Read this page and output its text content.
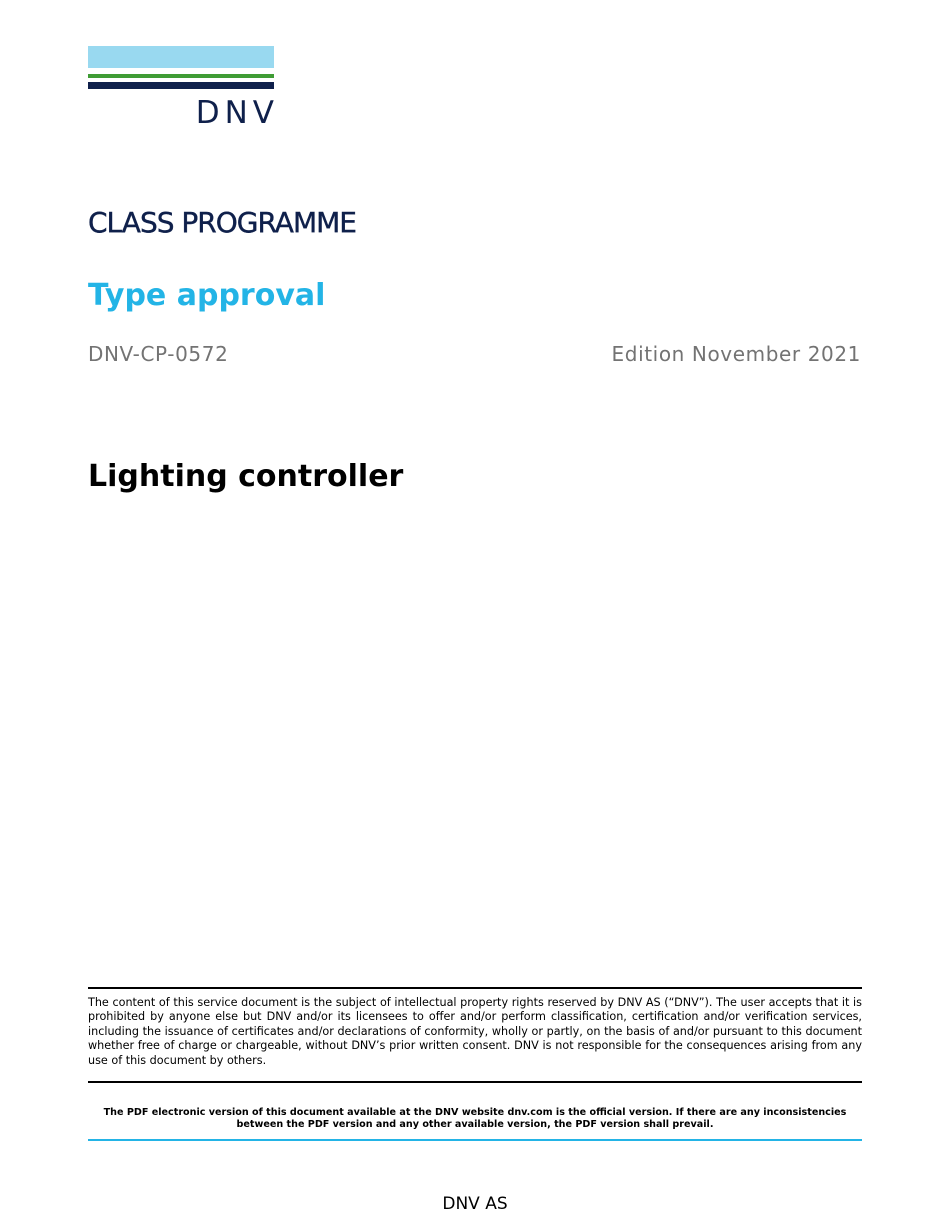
DNV
CLASS PROGRAMME
Type approval
DNV-CP-0572	Edition November 2021
Lighting controller

The content of this service document is the subject of intellectual property rights reserved by DNV AS (“DNV”). The user accepts that it is prohibited by anyone else but DNV and/or its licensees to offer and/or perform classification, certification and/or verification services, including the issuance of certificates and/or declarations of conformity, wholly or partly, on the basis of and/or pursuant to this document whether free of charge or chargeable, without DNV’s prior written consent. DNV is not responsible for the consequences arising from any use of this document by others.

The PDF electronic version of this document available at the DNV website dnv.com is the official version. If there are any inconsistencies between the PDF version and any other available version, the PDF version shall prevail.

DNV AS
